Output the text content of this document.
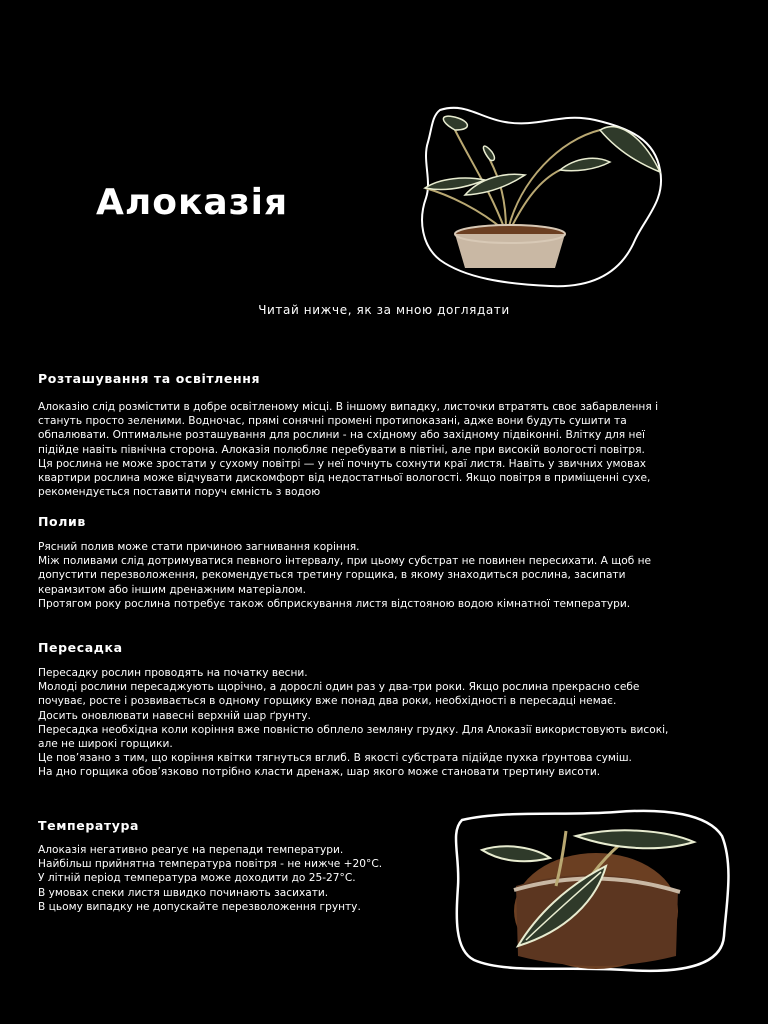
Алоказія

Читай нижче, як за мною доглядати

Розташування та освітлення

Алоказію слід розмістити в добре освітленому місці. В іншому випадку, листочки втратять своє забарвлення і

стануть просто зеленими. Водночас, прямі сонячні промені протипоказані, адже вони будуть сушити та

обпалювати. Оптимальне розташування для рослини - на східному або західному підвіконні. Влітку для неї

підійде навіть північна сторона. Алоказія полюбляє перебувати в півтіні, але при високій вологості повітря.

Ця рослина не може зростати у сухому повітрі — у неї почнуть сохнути краї листя. Навіть у звичних умовах

квартири рослина може відчувати дискомфорт від недостатньої вологості. Якщо повітря в приміщенні сухе,

рекомендується поставити поруч ємність з водою

Полив

Рясний полив може стати причиною загнивання коріння.

Між поливами слід дотримуватися певного інтервалу, при цьому субстрат не повинен пересихати. А щоб не

допустити перезволоження, рекомендується третину горщика, в якому знаходиться рослина, засипати

керамзитом або іншим дренажним матеріалом.

Протягом року рослина потребує також обприскування листя відстояною водою кімнатної температури.

Пересадка

Пересадку рослин проводять на початку весни.

Молоді рослини пересаджують щорічно, а дорослі один раз у два-три роки. Якщо рослина прекрасно себе

почуває, росте і розвивається в одному горщику вже понад два роки, необхідності в пересадці немає.

Досить оновлювати навесні верхній шар ґрунту.

Пересадка необхідна коли коріння вже повністю обплело земляну грудку. Для Алоказії використовують високі,

але не широкі горщики.

Це пов’язано з тим, що коріння квітки тягнуться вглиб. В якості субстрата підійде пухка ґрунтова суміш.

На дно горщика обов’язково потрібно класти дренаж, шар якого може становати трертину висоти.

Температура

Алоказія негативно реагує на перепади температури.

Найбільш прийнятна температура повітря - не нижче +20°С.

У літній період температура може доходити до 25-27°С.

В умовах спеки листя швидко починають засихати.

В цьому випадку не допускайте перезволоження грунту.
